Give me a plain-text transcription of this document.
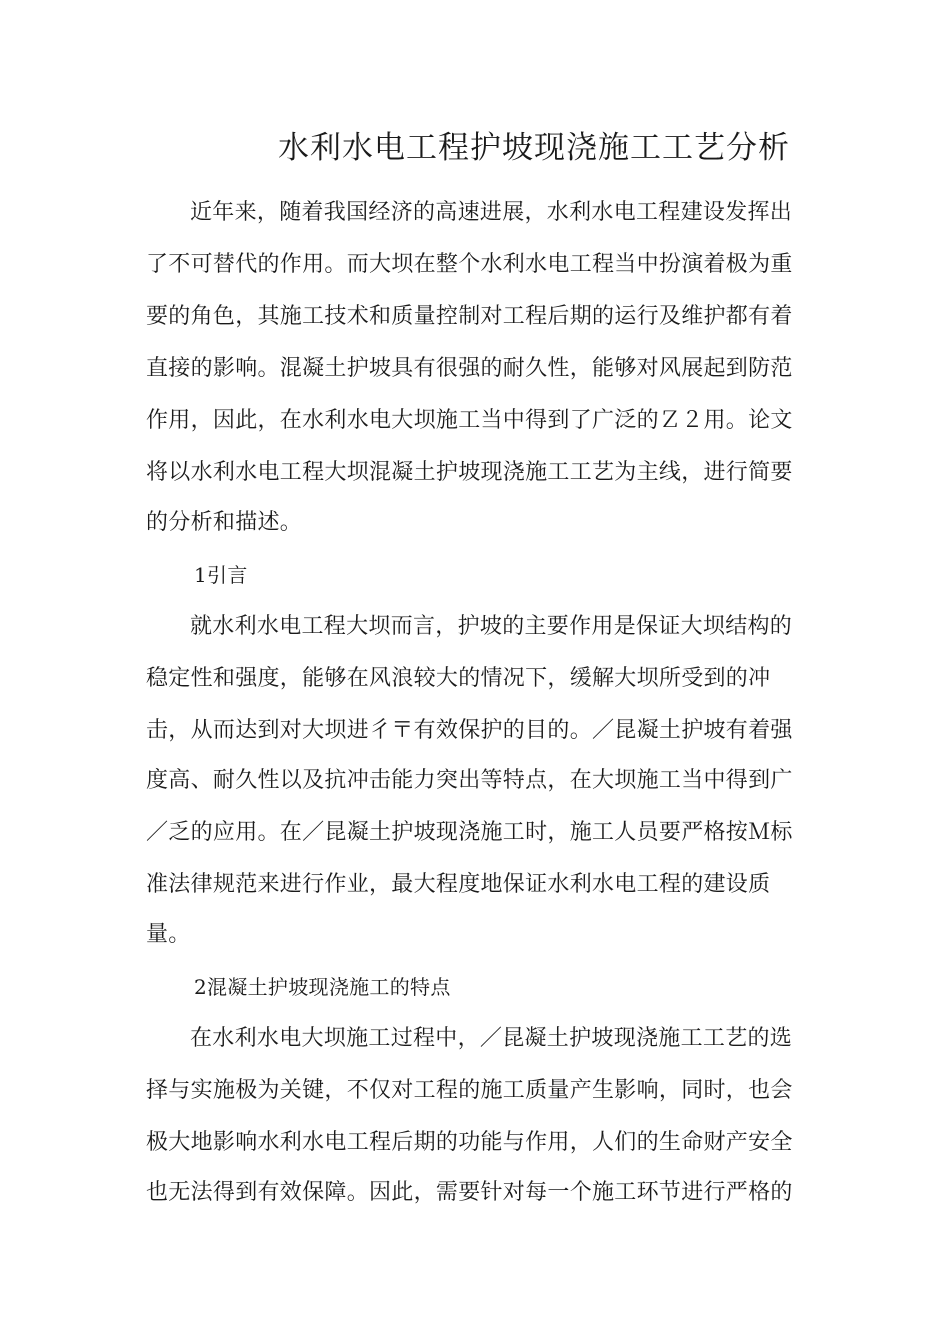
水利水电工程护坡现浇施工工艺分析
近年来，随着我国经济的高速进展，水利水电工程建设发挥出
了不可替代的作用。而大坝在整个水利水电工程当中扮演着极为重
要的角色，其施工技术和质量控制对工程后期的运行及维护都有着
直接的影响。混凝土护坡具有很强的耐久性，能够对风展起到防范
作用，因此，在水利水电大坝施工当中得到了广泛的Ｚ２用。论文
将以水利水电工程大坝混凝土护坡现浇施工工艺为主线，进行简要
的分析和描述。
1引言
就水利水电工程大坝而言，护坡的主要作用是保证大坝结构的
稳定性和强度，能够在风浪较大的情况下，缓解大坝所受到的冲
击，从而达到对大坝进彳〒有效保护的目的。／昆凝土护坡有着强
度高、耐久性以及抗冲击能力突出等特点，在大坝施工当中得到广
／乏的应用。在／昆凝土护坡现浇施工时，施工人员要严格按Ｍ标
准法律规范来进行作业，最大程度地保证水利水电工程的建设质
量。
2混凝土护坡现浇施工的特点
在水利水电大坝施工过程中，／昆凝土护坡现浇施工工艺的选
择与实施极为关键，不仅对工程的施工质量产生影响，同时，也会
极大地影响水利水电工程后期的功能与作用，人们的生命财产安全
也无法得到有效保障。因此，需要针对每一个施工环节进行严格的
